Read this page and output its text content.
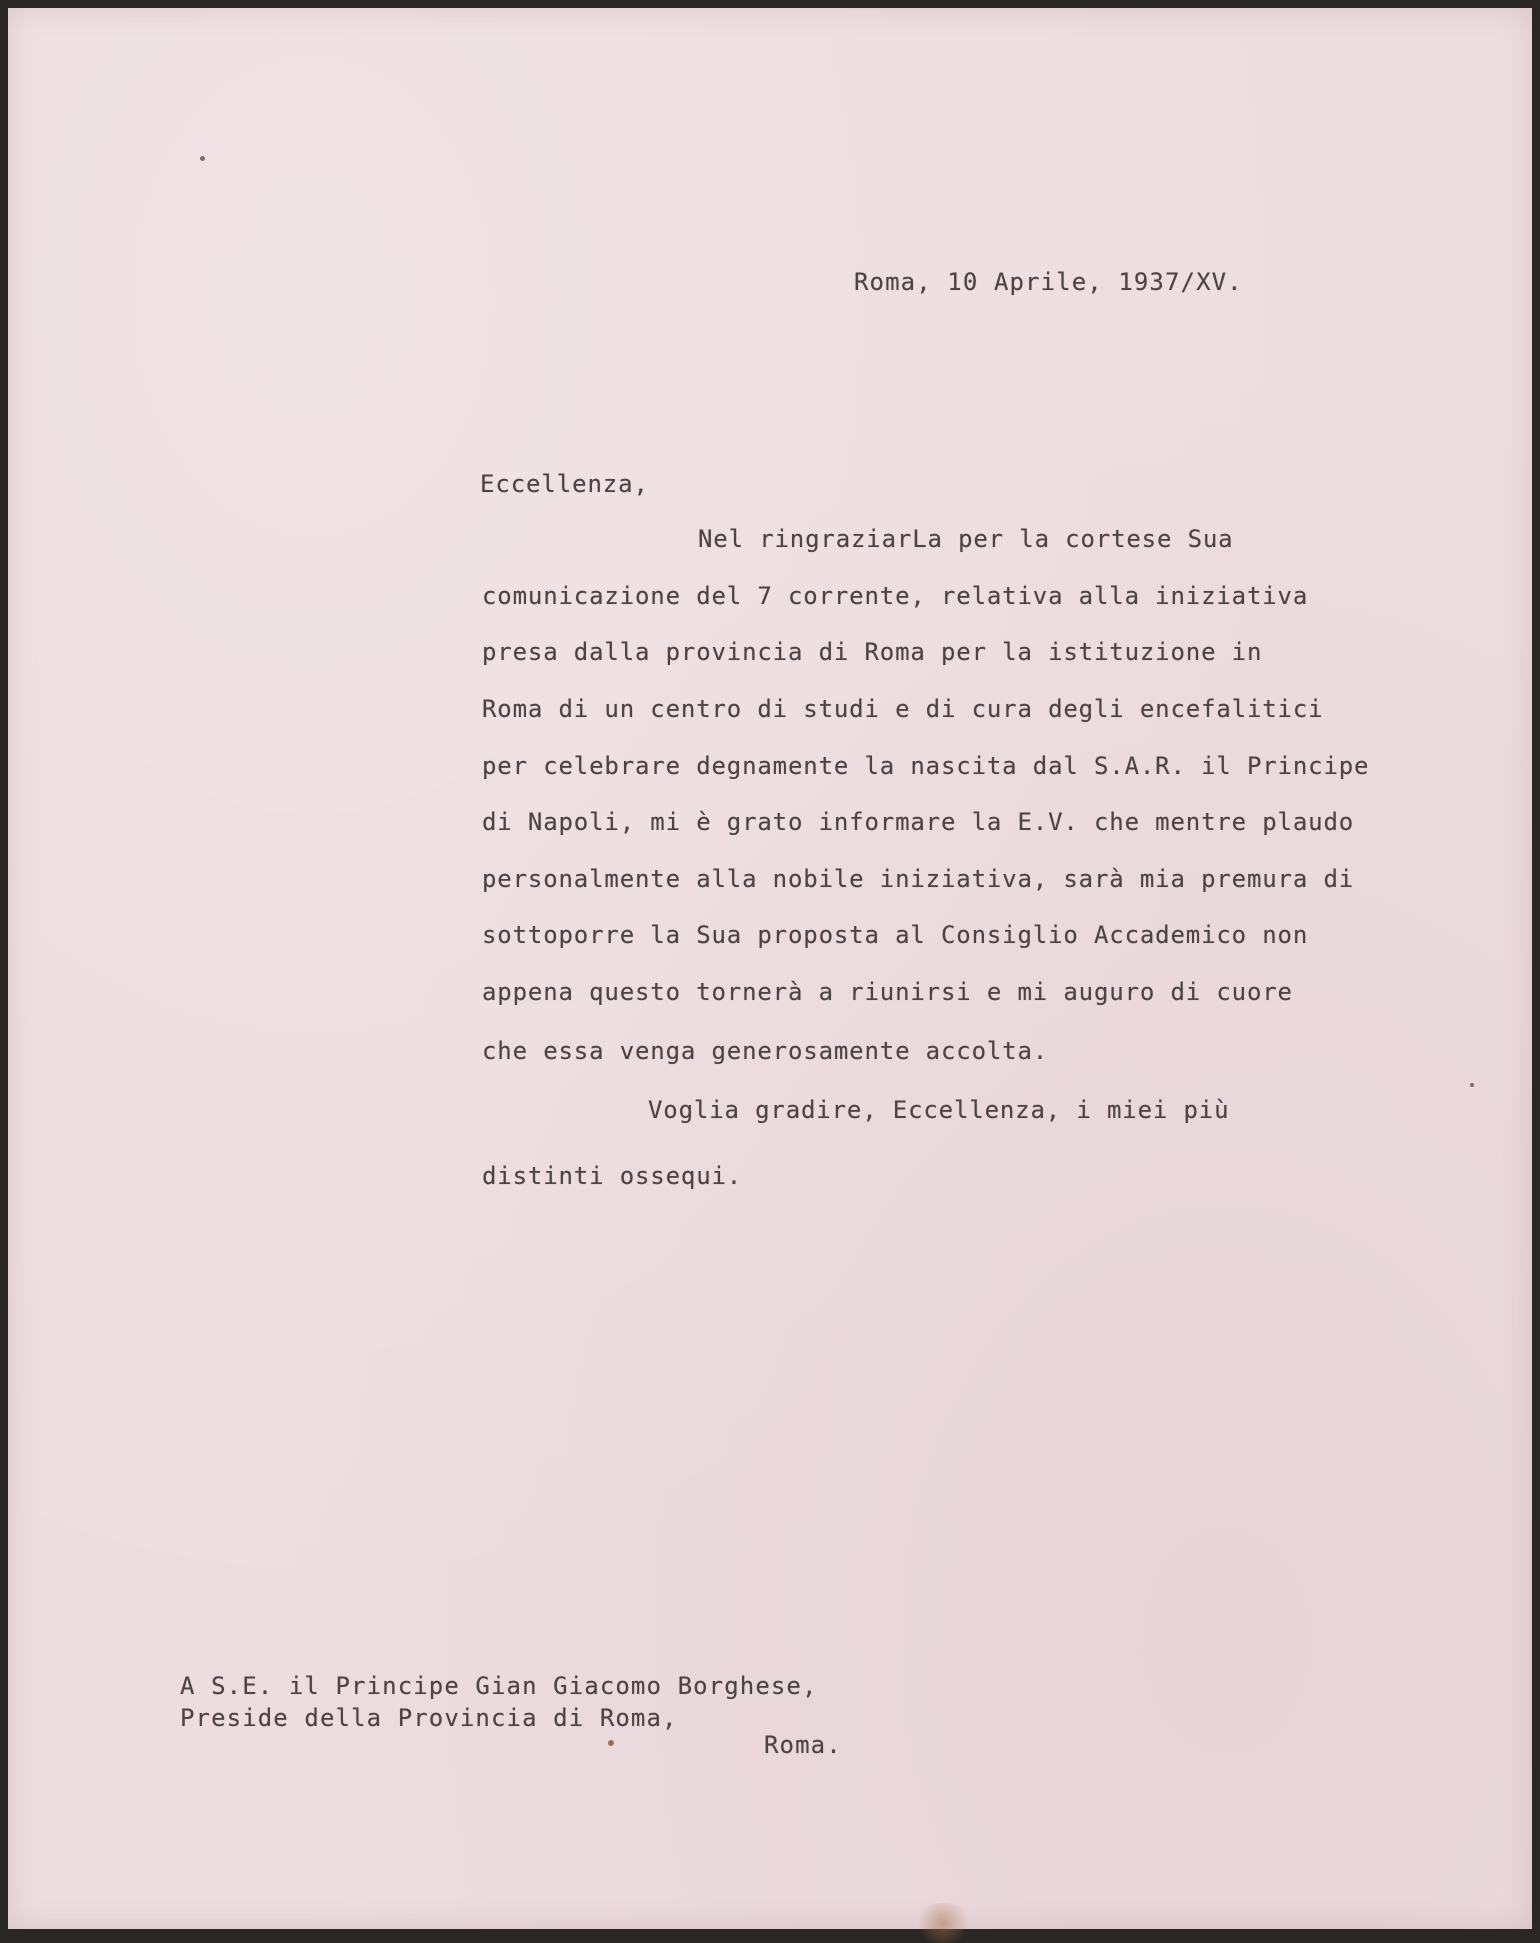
Roma, 10 Aprile, 1937/XV.
Eccellenza,
Nel ringraziarLa per la cortese Sua
comunicazione del 7 corrente, relativa alla iniziativa
presa dalla provincia di Roma per la istituzione in
Roma di un centro di studi e di cura degli encefalitici
per celebrare degnamente la nascita dal S.A.R. il Principe
di Napoli, mi è grato informare la E.V. che mentre plaudo
personalmente alla nobile iniziativa, sarà mia premura di
sottoporre la Sua proposta al Consiglio Accademico non
appena questo tornerà a riunirsi e mi auguro di cuore
che essa venga generosamente accolta.
Voglia gradire, Eccellenza, i miei più
distinti ossequi.
A S.E. il Principe Gian Giacomo Borghese,
Preside della Provincia di Roma,
Roma.
